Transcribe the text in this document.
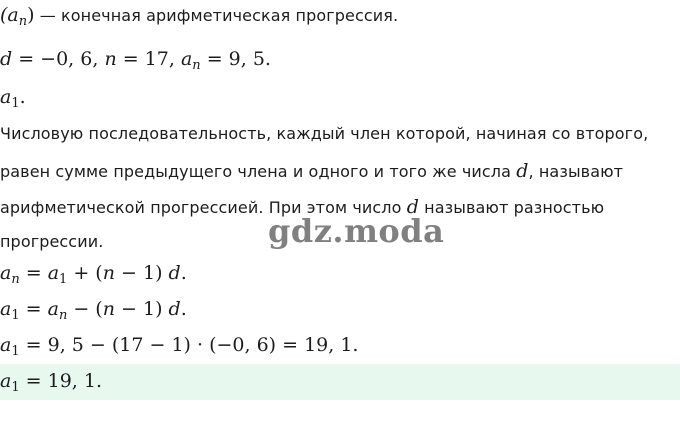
$(a_n)$ — конечная арифметическая прогрессия.
d = −0, 6, n = 17, $a_n = 9$, 5.
$a_1$.
Числовую последовательность, каждый член которой, начиная со второго,
равен сумме предыдущего члена и одного и того же числа d, называют
арифметической прогрессией. При этом число d называют разностью
прогрессии.	gdz.moda
$a_n = a_1 + (n - 1)$ d.
$a_1 = a_n - (n - 1)$ d.
$a_1 = 9$, 5 − (17 − 1) · (−0, 6) = 19, 1.
$a_1 = 19$, 1.
